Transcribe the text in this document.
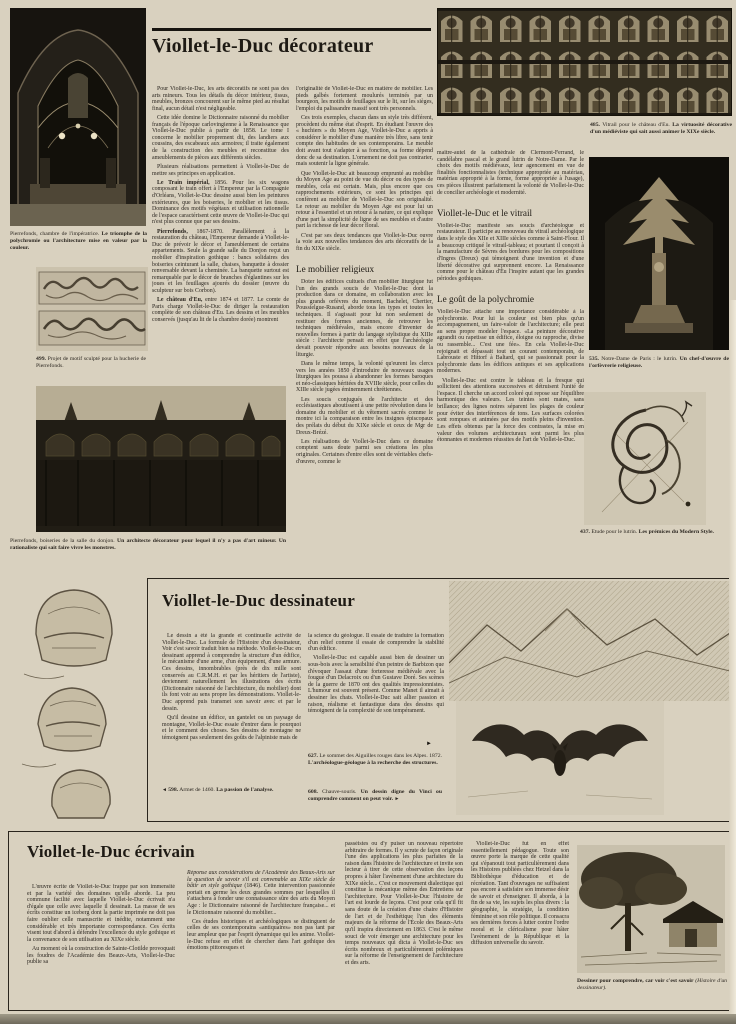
Pierrefonds, chambre de l'impératrice. Le triomphe de la polychromie ou l'architecture mise en valeur par la couleur.
499. Projet de motif sculpté pour la hucherie de Pierrefonds.
Pierrefonds, boiseries de la salle du donjon. Un architecte décorateur pour lequel il n'y a pas d'art mineur. Un rationaliste qui sait faire vivre les monstres.
Viollet-le-Duc décorateur

Pour Viollet-le-Duc, les arts décoratifs ne sont pas des arts mineurs. Tous les détails du décor intérieur, tissus, meubles, bronzes concourent sur le même pied au résultat final, aucun détail n'est négligeable.

Cette idée domine le Dictionnaire raisonné du mobilier français de l'époque carlovingienne à la Renaissance que Viollet-le-Duc publie à partir de 1858. Le tome I concerne le mobilier proprement dit, des landiers aux coussins, des escabeaux aux armoires; il traite également de la construction des meubles et reconstitue des ameublements de pièces aux différents siècles.

Plusieurs réalisations permettent à Viollet-le-Duc de mettre ses principes en application.

Le Train impérial, 1856. Pour les six wagons composant le train offert à l'Empereur par la Compagnie d'Orléans, Viollet-le-Duc dessine aussi bien les peintures extérieures, que les boiseries, le mobilier et les tissus. Dominance des motifs végétaux et utilisation rationnelle de l'espace caractérisent cette œuvre de Viollet-le-Duc qui n'est plus connue que par ses dessins.

Pierrefonds, 1867-1870. Parallèlement à la restauration du château, l'Empereur demande à Viollet-le-Duc de prévoir le décor et l'ameublement de certains appartements. Seule la grande salle du Donjon reçut un mobilier d'inspiration gothique : bancs solidaires des boiseries ceinturant la salle, chaises, banquette à dossier renversable devant la cheminée. La banquette surtout est remarquable par le décor de branches d'églantines sur les joues et les feuillages ajourés du dossier (œuvre du sculpteur sur bois Corbon).

Le château d'Eu, entre 1874 et 1877. Le comte de Paris charge Viollet-le-Duc de diriger la restauration complète de son château d'Eu. Les dessins et les meubles conservés (jusqu'au lit de la chambre dorée) montrent

l'originalité de Viollet-le-Duc en matière de mobilier. Les pieds galbés fortement moulurés terminés par un bourgeon, les motifs de feuillages sur le lit, sur les sièges, l'emploi du palissandre massif sont très personnels.

Ces trois exemples, chacun dans un style très différent, procèdent du même état d'esprit. En étudiant l'œuvre des « huchiers » du Moyen Age, Viollet-le-Duc a appris à considérer le mobilier d'une manière très libre, sans tenir compte des habitudes de ses contemporains. Le meuble doit avant tout s'adapter à sa fonction, sa forme dépend donc de sa destination. L'ornement ne doit pas contrarier, mais soutenir la ligne générale.

Que Viollet-le-Duc ait beaucoup emprunté au mobilier du Moyen Age au point de vue du décor ou des types de meubles, cela est certain. Mais, plus encore que ces rapprochements extérieurs, ce sont les principes qui confèrent au mobilier de Viollet-le-Duc son originalité. Le retour au mobilier du Moyen Age est pour lui un retour à l'essentiel et un retour à la nature, ce qui explique d'une part la simplicité de ligne de ses meubles et d'autre part la richesse de leur décor floral.

C'est par ses deux tendances que Viollet-le-Duc ouvre la voie aux nouvelles tendances des arts décoratifs de la fin du XIXe siècle.

Le mobilier religieux

Doter les édifices cultuels d'un mobilier liturgique fut l'un des grands soucis de Viollet-le-Duc dont la production dans ce domaine, en collaboration avec les plus grands orfèvres du moment, Bachelet, Chertier, Poussielgue-Rusand, aborde tous les types et toutes les techniques. Il s'agissait pour lui non seulement de restituer des formes anciennes, de retrouver les techniques médiévales, mais encore d'inventer de nouvelles formes à partir du langage stylistique du XIIIe siècle : l'architecte pensait en effet que l'archéologie devait pouvoir répondre aux besoins nouveaux de la liturgie.

Dans le même temps, la volonté qu'eurent les clercs vers les années 1850 d'introduire de nouveaux usages liturgiques les poussa à abandonner les formes baroques et néo-classiques héritées du XVIIIe siècle, pour celles du XIIIe siècle jugées éminemment chrétiennes.

Les soucis conjugués de l'architecte et des ecclésiastiques aboutissent à une petite révolution dans le domaine du mobilier et du vêtement sacrés comme le montre ici la comparaison entre les insignes épiscopaux des prélats du début du XIXe siècle et ceux de Mgr de Dreux-Brézé.

Les réalisations de Viollet-le-Duc dans ce domaine comptent sans doute parmi ses créations les plus originales. Certaines d'entre elles sont de véritables chefs-d'œuvre, comme le

485. Vitrail pour le château d'Eu. La virtuosité décorative d'un médiéviste qui sait aussi animer le XIXe siècle.

maître-autel de la cathédrale de Clermont-Ferrand, le candélabre pascal et le grand lutrin de Notre-Dame. Par le choix des motifs médiévaux, leur agencement en vue de finalités fonctionnalistes (technique appropriée au matériau, matériau approprié à la forme, forme appropriée à l'usage), ces pièces illustrent parfaitement la volonté de Viollet-le-Duc de concilier archéologie et modernité.

Viollet-le-Duc et le vitrail

Viollet-le-Duc manifeste ses soucis d'archéologue et restaurateur. Il participe au renouveau du vitrail archéologique dans le style des XIIe et XIIIe siècles comme à Saint-Flour. Il a beaucoup critiqué le vitrail-tableau; et pourtant il conçoit à la manufacture de Sèvres des bordures pour les compositions d'Ingres (Dreux) qui témoignent d'une invention et d'une liberté décorative qui surprennent encore. La Renaissance comme pour le château d'Eu l'inspire autant que les grandes périodes gothiques.

Le goût de la polychromie

Viollet-le-Duc attache une importance considérable à la polychromie. Pour lui la couleur est bien plus qu'un accompagnement, un faire-valoir de l'architecture; elle peut au sens propre modeler l'espace. «La peinture décorative agrandit ou rapetisse un édifice, éloigne ou rapproche, divise ou rassemble... C'est une fée». En cela Viollet-le-Duc rejoignait et dépassait tout un courant contemporain, de Labrouste et Hittorf à Baltard, qui se passionnait pour la polychromie dans les édifices antiques et ses applications modernes.

Viollet-le-Duc est contre le tableau et la fresque qui sollicitent des attentions successives et détruisent l'unité de l'espace. Il cherche un accord coloré qui repose sur l'équilibre harmonique des valeurs. Les teintes sont mates, sans brillance; des lignes noires séparent les plages de couleur pour éviter des interférences de tons. Les surfaces colorées sont rompues et animées par des motifs pleins d'invention. Les effets obtenus par la force des contrastes, la mise en valeur des volumes architecturaux sont parmi les plus étonnantes et modernes réussites de l'art de Viollet-le-Duc.

535. Notre-Dame de Paris : le lutrin. Un chef-d'œuvre de l'orfèvrerie religieuse.
437. Étude pour le lutrin. Les prémices du Modern Style.
Viollet-le-Duc dessinateur

Le dessin a été la grande et continuelle activité de Viollet-le-Duc. La formule de l'Histoire d'un dessinateur, Voir c'est savoir traduit bien sa méthode. Viollet-le-Duc en dessinant apprend à comprendre la structure d'un édifice, le mécanisme d'une arme, d'un équipement, d'une armure. Ces dessins, innombrables (près de dix mille sont conservés au C.R.M.H. et par les héritiers de l'artiste), deviennent naturellement les illustrations des écrits (Dictionnaire raisonné de l'architecture, du mobilier) dont ils font voir au sens propre les démonstrations. Viollet-le-Duc apprend puis transmet son savoir avec et par le dessin.

Qu'il dessine un édifice, un gantelet ou un paysage de montagne, Viollet-le-Duc essaie d'entrer dans le pourquoi et le comment des choses. Ses dessins de montagne ne témoignent pas seulement des goûts de l'alpiniste mais de

◄ 598. Armet de 1460. La passion de l'analyse.

la science du géologue. Il essaie de traduire la formation d'un relief comme il essaie de comprendre la stabilité d'un édifice.

Viollet-le-Duc est capable aussi bien de dessiner un sous-bois avec la sensibilité d'un peintre de Barbizon que d'évoquer l'assaut d'une forteresse médiévale avec la fougue d'un Delacroix ou d'un Gustave Doré. Ses scènes de la guerre de 1870 ont des qualités impressionnistes. L'humour est souvent présent. Comme Manet il aimait à dessiner les chats. Viollet-le-Duc sait allier passion et raison, réalisme et fantastique dans des dessins qui témoignent de la complexité de son tempérament.

►
627. Le sommet des Aiguilles rouges dans les Alpes. 1872. L'archéologue-géologue à la recherche des structures.
608. Chauve-souris. Un dessin digne du Vinci ou comprendre comment on peut voir. ►
Viollet-le-Duc écrivain

L'œuvre écrite de Viollet-le-Duc frappe par son immensité et par la variété des domaines qu'elle aborde. La peu commune facilité avec laquelle Viollet-le-Duc écrivait n'a d'égale que celle avec laquelle il dessinait. La masse de ses écrits constitue un iceberg dont la partie imprimée ne doit pas faire oublier celle manuscrite et inédite, notamment une considérable et très importante correspondance. Ces écrits visent tout d'abord à défendre l'excellence du style gothique et la convenance de son utilisation au XIXe siècle.

Au moment où la construction de Sainte-Clotilde provoquait les foudres de l'Académie des Beaux-Arts, Viollet-le-Duc publie sa

Réponse aux considérations de l'Académie des Beaux-Arts sur la question de savoir s'il est convenable au XIXe siècle de bâtir en style gothique (1846). Cette intervention passionnée portait en germe les deux grandes sommes par lesquelles il s'attachera à fonder une connaissance sûre des arts du Moyen Age : le Dictionnaire raisonné de l'architecture française... et le Dictionnaire raisonné du mobilier...

Ces études historiques et archéologiques se distinguent de celles de ses contemporains «antiquaires» non pas tant par leur ampleur que par l'esprit dynamique qui les anime. Viollet-le-Duc refuse en effet de chercher dans l'art gothique des émotions pittoresques et

passéistes ou d'y puiser un nouveau répertoire arbitraire de formes. Il y scrute de façon originale l'une des applications les plus parfaites de la raison dans l'histoire de l'architecture et invite son lecteur à tirer de cette observation des leçons propres à hâter l'avènement d'une architecture du XIXe siècle... C'est ce mouvement dialectique qui constitue la mécanique même des Entretiens sur l'architecture. Pour Viollet-le-Duc l'histoire de l'art est lourde de leçons. C'est pour cela qu'il fit sans doute de la création d'une chaire d'Histoire de l'art et de l'esthétique l'un des éléments majeurs de la réforme de l'École des Beaux-Arts qu'il inspira directement en 1863. C'est le même souci de voir émerger une architecture pour les temps nouveaux qui dicta à Viollet-le-Duc ses écrits nombreux et particulièrement polémiques sur la réforme de l'enseignement de l'architecture et des arts.

Viollet-le-Duc fut en effet essentiellement pédagogue. Toute son œuvre porte la marque de cette qualité qui s'épanouit tout particulièrement dans les Histoires publiées chez Hetzel dans la Bibliothèque d'éducation et de récréation. Tant d'ouvrages ne suffisaient pas encore à satisfaire son immense désir de savoir et d'enseigner. Il aborda, à la fin de sa vie, les sujets les plus divers : la géographie, la stratégie, la condition féminine et son rôle politique. Il consacra ses dernières forces à lutter contre l'ordre moral et le cléricalisme pour hâter l'avènement de la République et la diffusion universelle du savoir.

Dessiner pour comprendre, car voir c'est savoir (Histoire d'un dessinateur).
